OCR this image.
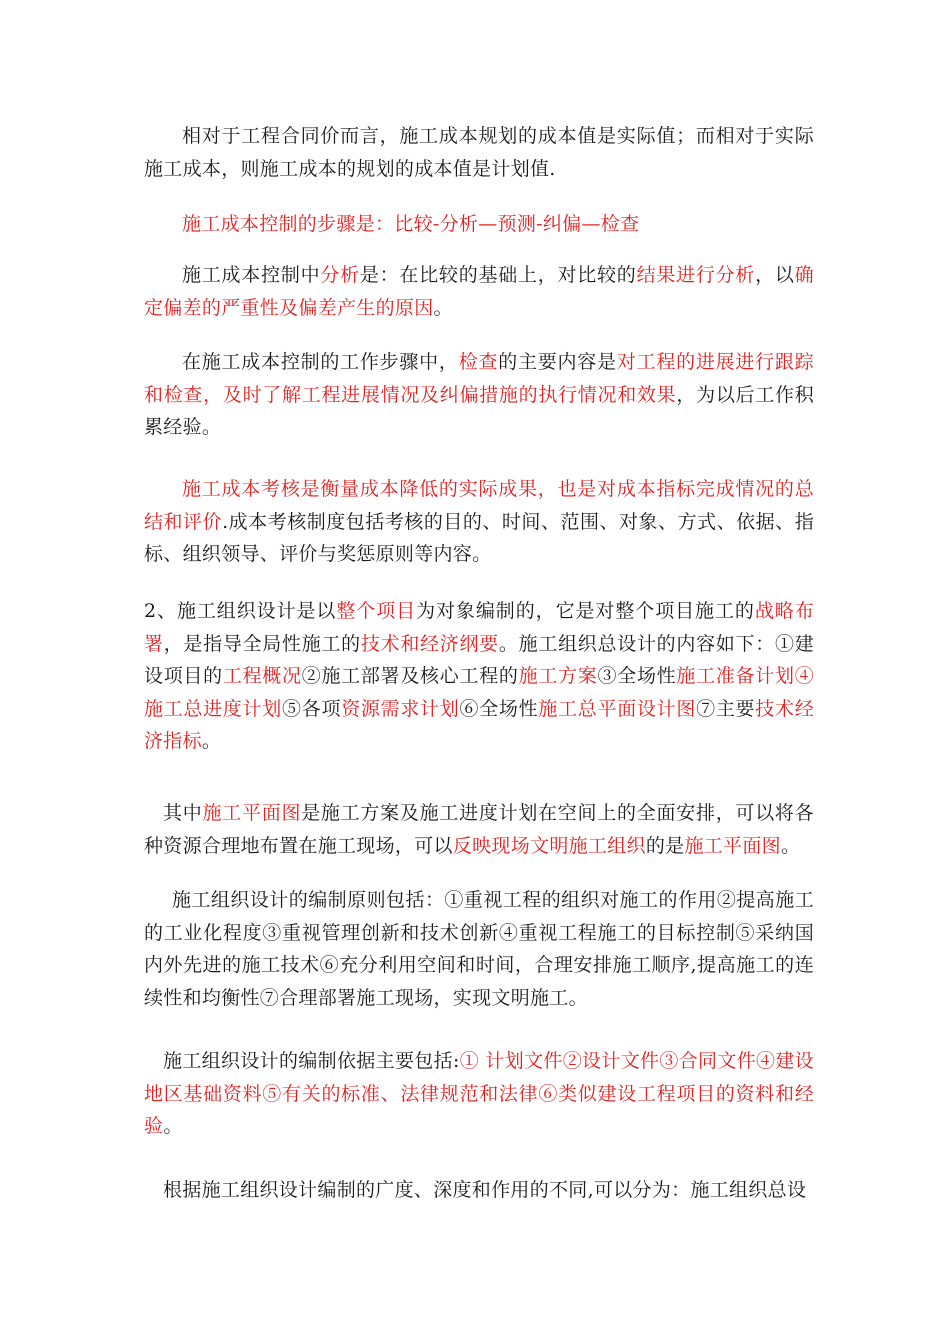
相对于工程合同价而言，施工成本规划的成本值是实际值；而相对于实际施工成本，则施工成本的规划的成本值是计划值.

施工成本控制的步骤是：比较-分析—预测-纠偏—检查

施工成本控制中分析是：在比较的基础上，对比较的结果进行分析，以确定偏差的严重性及偏差产生的原因。

在施工成本控制的工作步骤中，检查的主要内容是对工程的进展进行跟踪和检查，及时了解工程进展情况及纠偏措施的执行情况和效果，为以后工作积累经验。

施工成本考核是衡量成本降低的实际成果，也是对成本指标完成情况的总结和评价.成本考核制度包括考核的目的、时间、范围、对象、方式、依据、指标、组织领导、评价与奖惩原则等内容。

2、施工组织设计是以整个项目为对象编制的，它是对整个项目施工的战略布署，是指导全局性施工的技术和经济纲要。施工组织总设计的内容如下：①建设项目的工程概况②施工部署及核心工程的施工方案③全场性施工准备计划④施工总进度计划⑤各项资源需求计划⑥全场性施工总平面设计图⑦主要技术经济指标。

其中施工平面图是施工方案及施工进度计划在空间上的全面安排，可以将各种资源合理地布置在施工现场，可以反映现场文明施工组织的是施工平面图。

施工组织设计的编制原则包括：①重视工程的组织对施工的作用②提高施工的工业化程度③重视管理创新和技术创新④重视工程施工的目标控制⑤采纳国内外先进的施工技术⑥充分利用空间和时间，合理安排施工顺序,提高施工的连续性和均衡性⑦合理部署施工现场，实现文明施工。

施工组织设计的编制依据主要包括:① 计划文件②设计文件③合同文件④建设地区基础资料⑤有关的标准、法律规范和法律⑥类似建设工程项目的资料和经验。

根据施工组织设计编制的广度、深度和作用的不同,可以分为：施工组织总设
